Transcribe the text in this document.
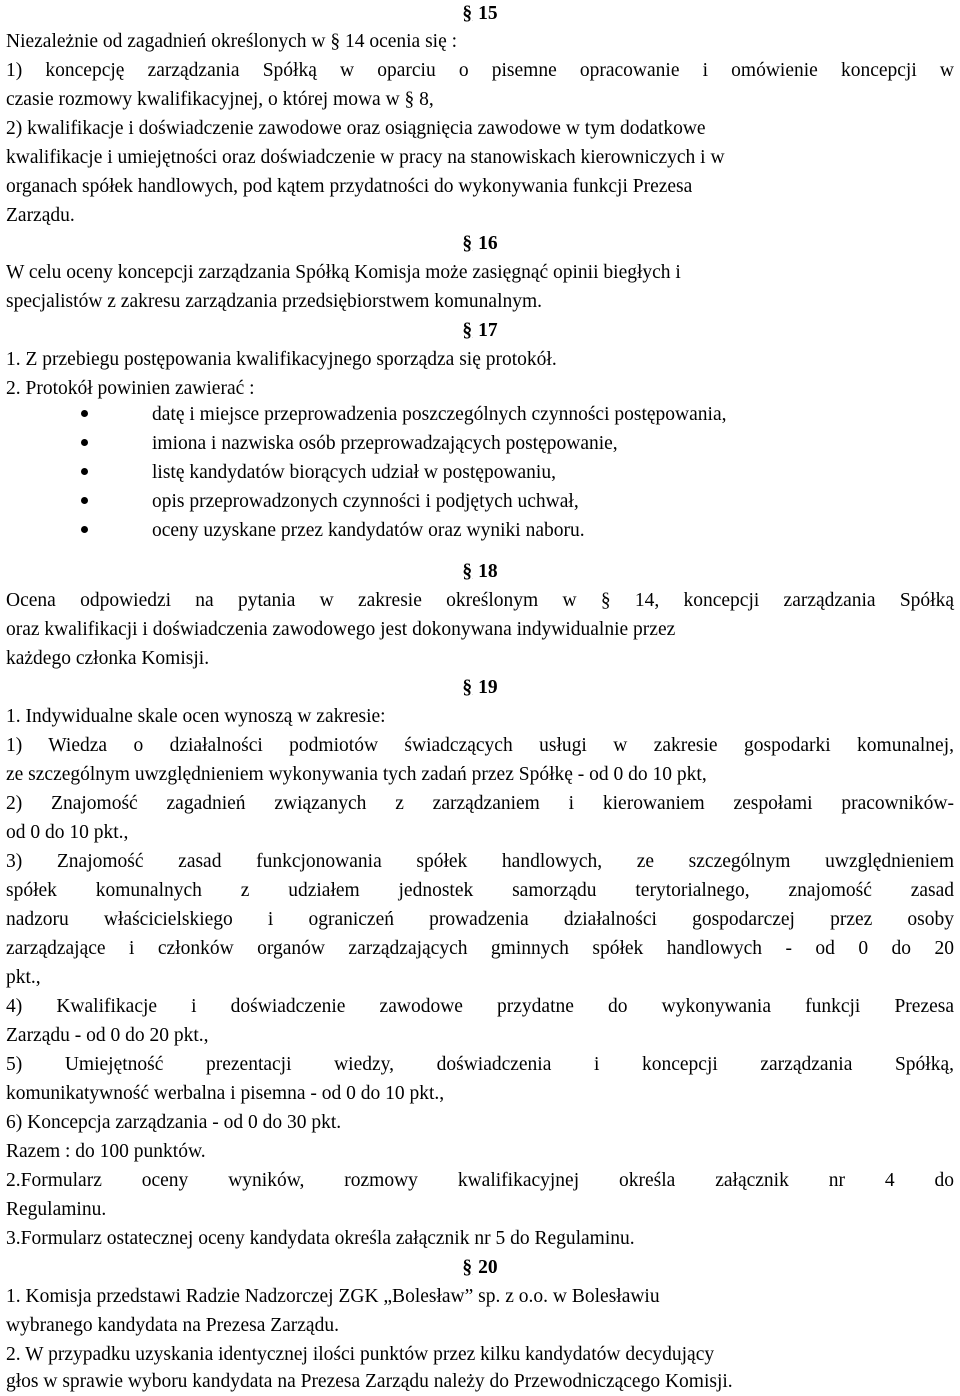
§ 15
Niezależnie od zagadnień określonych w § 14 ocenia się :
1) koncepcję zarządzania Spółką w oparciu o pisemne opracowanie i omówienie koncepcji w
czasie rozmowy kwalifikacyjnej, o której mowa w § 8,
2) kwalifikacje i doświadczenie zawodowe oraz osiągnięcia zawodowe w tym dodatkowe
kwalifikacje i umiejętności oraz doświadczenie w pracy na stanowiskach kierowniczych i w
organach spółek handlowych, pod kątem przydatności do wykonywania funkcji Prezesa
Zarządu.
§ 16
W celu oceny koncepcji zarządzania Spółką Komisja może zasięgnąć opinii biegłych i
specjalistów z zakresu zarządzania przedsiębiorstwem komunalnym.
§ 17
1. Z przebiegu postępowania kwalifikacyjnego sporządza się protokół.
2. Protokół powinien zawierać :
datę i miejsce przeprowadzenia poszczególnych czynności postępowania,
imiona i nazwiska osób przeprowadzających postępowanie,
listę kandydatów biorących udział w postępowaniu,
opis przeprowadzonych czynności i podjętych uchwał,
oceny uzyskane przez kandydatów oraz wyniki naboru.
§ 18
Ocena odpowiedzi na pytania w zakresie określonym w § 14, koncepcji zarządzania Spółką
oraz kwalifikacji i doświadczenia zawodowego jest dokonywana indywidualnie przez
każdego członka Komisji.
§ 19
1. Indywidualne skale ocen wynoszą w zakresie:
1) Wiedza o działalności podmiotów świadczących usługi w zakresie gospodarki komunalnej,
ze szczególnym uwzględnieniem wykonywania tych zadań przez Spółkę - od 0 do 10 pkt,
2) Znajomość zagadnień związanych z zarządzaniem i kierowaniem zespołami pracowników-
od 0 do 10 pkt.,
3) Znajomość zasad funkcjonowania spółek handlowych, ze szczególnym uwzględnieniem
spółek komunalnych z udziałem jednostek samorządu terytorialnego, znajomość zasad
nadzoru właścicielskiego i ograniczeń prowadzenia działalności gospodarczej przez osoby
zarządzające i członków organów zarządzających gminnych spółek handlowych - od 0 do 20
pkt.,
4) Kwalifikacje i doświadczenie zawodowe przydatne do wykonywania funkcji Prezesa
Zarządu - od 0 do 20 pkt.,
5) Umiejętność prezentacji wiedzy, doświadczenia i koncepcji zarządzania Spółką,
komunikatywność werbalna i pisemna - od 0 do 10 pkt.,
6) Koncepcja zarządzania - od 0 do 30 pkt.
Razem : do 100 punktów.
2.Formularz oceny wyników, rozmowy kwalifikacyjnej określa załącznik nr 4 do
Regulaminu.
3.Formularz ostatecznej oceny kandydata określa załącznik nr 5 do Regulaminu.
§ 20
1. Komisja przedstawi Radzie Nadzorczej ZGK „Bolesław” sp. z o.o. w Bolesławiu
wybranego kandydata na Prezesa Zarządu.
2. W przypadku uzyskania identycznej ilości punktów przez kilku kandydatów decydujący
głos w sprawie wyboru kandydata na Prezesa Zarządu należy do Przewodniczącego Komisji.
